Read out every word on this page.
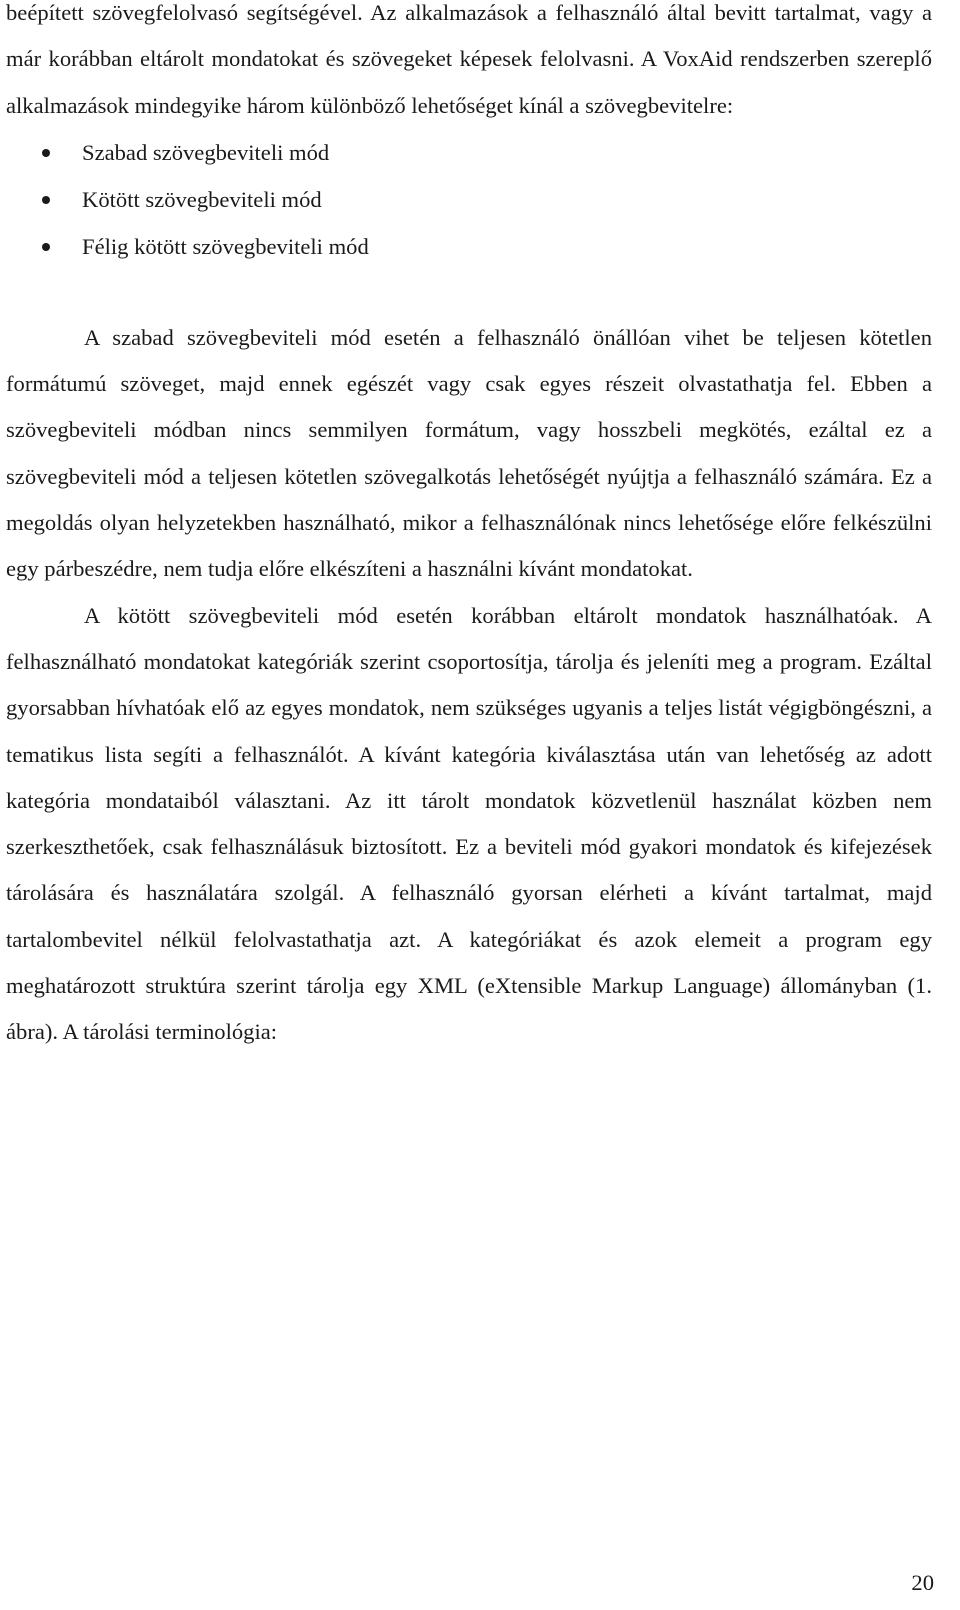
beépített szövegfelolvasó segítségével. Az alkalmazások a felhasználó által bevitt tartalmat, vagy a már korábban eltárolt mondatokat és szövegeket képesek felolvasni. A VoxAid rendszerben szereplő alkalmazások mindegyike három különböző lehetőséget kínál a szövegbevitelre:

Szabad szövegbeviteli mód
Kötött szövegbeviteli mód
Félig kötött szövegbeviteli mód

A szabad szövegbeviteli mód esetén a felhasználó önállóan vihet be teljesen kötetlen formátumú szöveget, majd ennek egészét vagy csak egyes részeit olvastathatja fel. Ebben a szövegbeviteli módban nincs semmilyen formátum, vagy hosszbeli megkötés, ezáltal ez a szövegbeviteli mód a teljesen kötetlen szövegalkotás lehetőségét nyújtja a felhasználó számára. Ez a megoldás olyan helyzetekben használható, mikor a felhasználónak nincs lehetősége előre felkészülni egy párbeszédre, nem tudja előre elkészíteni a használni kívánt mondatokat.

A kötött szövegbeviteli mód esetén korábban eltárolt mondatok használhatóak. A felhasználható mondatokat kategóriák szerint csoportosítja, tárolja és jeleníti meg a program. Ezáltal gyorsabban hívhatóak elő az egyes mondatok, nem szükséges ugyanis a teljes listát végigböngészni, a tematikus lista segíti a felhasználót. A kívánt kategória kiválasztása után van lehetőség az adott kategória mondataiból választani. Az itt tárolt mondatok közvetlenül használat közben nem szerkeszthetőek, csak felhasználásuk biztosított. Ez a beviteli mód gyakori mondatok és kifejezések tárolására és használatára szolgál. A felhasználó gyorsan elérheti a kívánt tartalmat, majd tartalombevitel nélkül felolvastathatja azt. A kategóriákat és azok elemeit a program egy meghatározott struktúra szerint tárolja egy XML (eXtensible Markup Language) állományban (1. ábra). A tárolási terminológia:

20
